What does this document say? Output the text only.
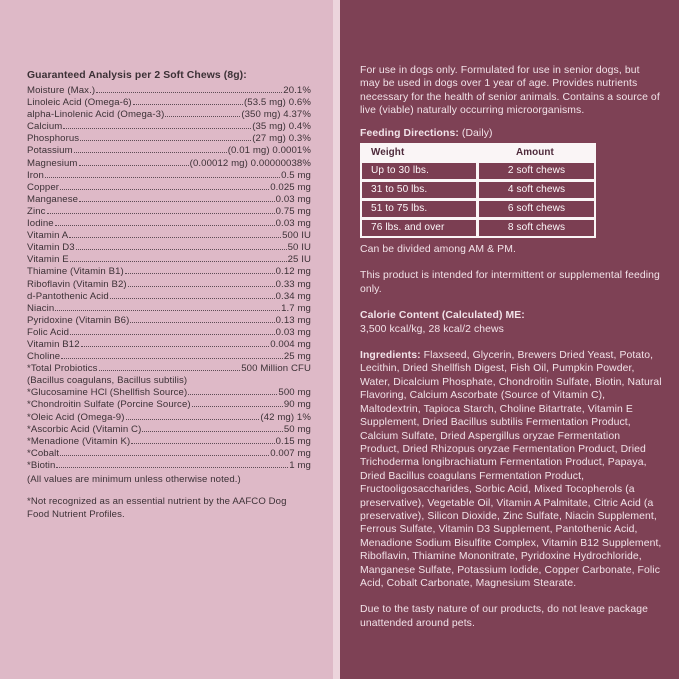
Guaranteed Analysis per 2 Soft Chews (8g):
Moisture (Max.)	20.1%
Linoleic Acid (Omega-6)	(53.5 mg) 0.6%
alpha-Linolenic Acid (Omega-3)	(350 mg) 4.37%
Calcium	(35 mg) 0.4%
Phosphorus	(27 mg) 0.3%
Potassium	(0.01 mg) 0.0001%
Magnesium	(0.00012 mg) 0.00000038%
Iron	0.5 mg
Copper	0.025 mg
Manganese	0.03 mg
Zinc	0.75 mg
Iodine	0.03 mg
Vitamin A	500 IU
Vitamin D3	50 IU
Vitamin E	25 IU
Thiamine (Vitamin B1)	0.12 mg
Riboflavin (Vitamin B2)	0.33 mg
d-Pantothenic Acid	0.34 mg
Niacin	1.7 mg
Pyridoxine (Vitamin B6)	0.13 mg
Folic Acid	0.03 mg
Vitamin B12	0.004 mg
Choline	25 mg
*Total Probiotics	500 Million CFU
(Bacillus coagulans, Bacillus subtilis)
*Glucosamine HCl (Shellfish Source)	500 mg
*Chondroitin Sulfate (Porcine Source)	90 mg
*Oleic Acid (Omega-9)	(42 mg) 1%
*Ascorbic Acid (Vitamin C)	50 mg
*Menadione (Vitamin K)	0.15 mg
*Cobalt	0.007 mg
*Biotin	1 mg
(All values are minimum unless otherwise noted.)
*Not recognized as an essential nutrient by the AAFCO Dog Food Nutrient Profiles.

For use in dogs only. Formulated for use in senior dogs, but may be used in dogs over 1 year of age. Provides nutrients necessary for the health of senior animals. Contains a source of live (viable) naturally occurring microorganisms.

Feeding Directions: (Daily)
Weight	Amount
Up to 30 lbs.	2 soft chews
31 to 50 lbs.	4 soft chews
51 to 75 lbs.	6 soft chews
76 lbs. and over	8 soft chews

Can be divided among AM & PM.

This product is intended for intermittent or supplemental feeding only.

Calorie Content (Calculated) ME:
3,500 kcal/kg, 28 kcal/2 chews

Ingredients: Flaxseed, Glycerin, Brewers Dried Yeast, Potato, Lecithin, Dried Shellfish Digest, Fish Oil, Pumpkin Powder, Water, Dicalcium Phosphate, Chondroitin Sulfate, Biotin, Natural Flavoring, Calcium Ascorbate (Source of Vitamin C), Maltodextrin, Tapioca Starch, Choline Bitartrate, Vitamin E Supplement, Dried Bacillus subtilis Fermentation Product, Calcium Sulfate, Dried Aspergillus oryzae Fermentation Product, Dried Rhizopus oryzae Fermentation Product, Dried Trichoderma longibrachiatum Fermentation Product, Papaya, Dried Bacillus coagulans Fermentation Product, Fructooligosaccharides, Sorbic Acid, Mixed Tocopherols (a preservative), Vegetable Oil, Vitamin A Palmitate, Citric Acid (a preservative), Silicon Dioxide, Zinc Sulfate, Niacin Supplement, Ferrous Sulfate, Vitamin D3 Supplement, Pantothenic Acid, Menadione Sodium Bisulfite Complex, Vitamin B12 Supplement, Riboflavin, Thiamine Mononitrate, Pyridoxine Hydrochloride, Manganese Sulfate, Potassium Iodide, Copper Carbonate, Folic Acid, Cobalt Carbonate, Magnesium Stearate.

Due to the tasty nature of our products, do not leave package unattended around pets.
